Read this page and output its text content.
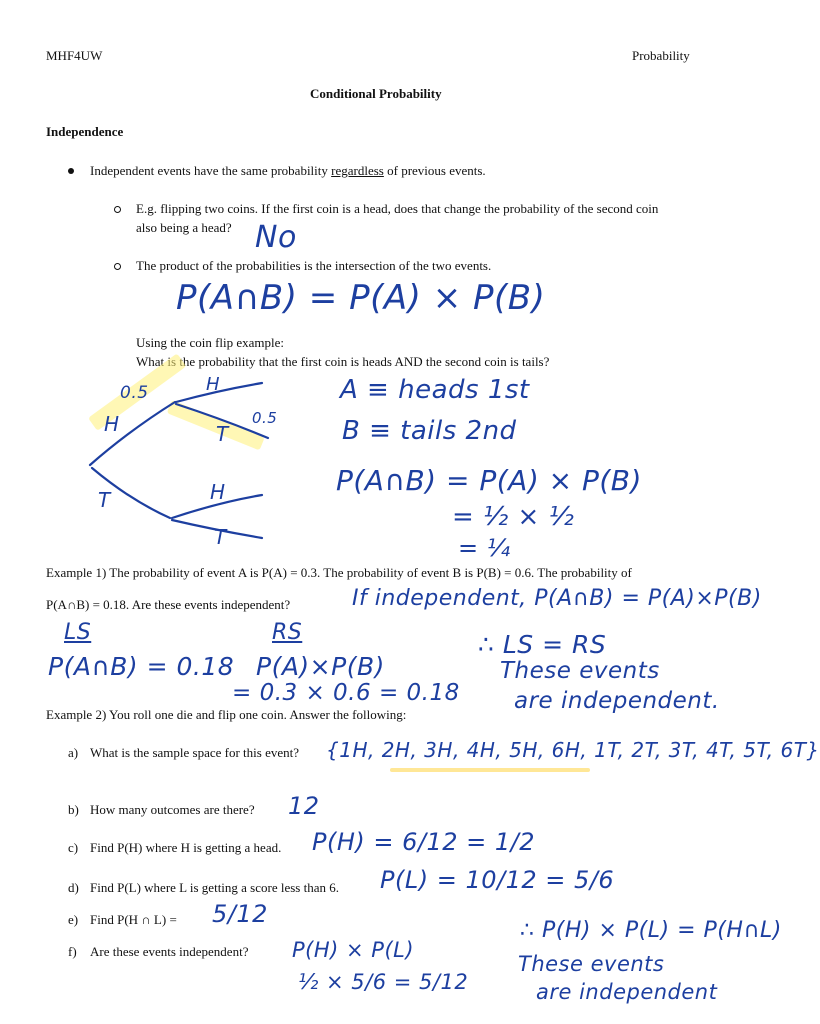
MHF4UW	Probability
Conditional Probability
Independence
Independent events have the same probability regardless of previous events.
E.g. flipping two coins. If the first coin is a head, does that change the probability of the second coin
also being a head? No
The product of the probabilities is the intersection of the two events.
P(A∩B) = P(A) × P(B)
Using the coin flip example:
What is the probability that the first coin is heads AND the second coin is tails?
0.5
0.5
H
T
H
T
H
T
A ≡ heads 1st
B ≡ tails 2nd
P(A∩B) = P(A) × P(B)
= ½ × ½
= ¼
Example 1) The probability of event A is P(A) = 0.3. The probability of event B is P(B) = 0.6. The probability of
P(A∩B) = 0.18. Are these events independent?	If independent, P(A∩B) = P(A)×P(B)
LS	RS
P(A∩B) = 0.18 P(A)×P(B)
= 0.3 × 0.6 = 0.18
∴ LS = RS
These events
are independent.
Example 2) You roll one die and flip one coin. Answer the following:
a) What is the sample space for this event? {1H, 2H, 3H, 4H, 5H, 6H, 1T, 2T, 3T, 4T, 5T, 6T}
b) How many outcomes are there? 12
c) Find P(H) where H is getting a head. P(H) = 6/12 = 1/2
d) Find P(L) where L is getting a score less than 6. P(L) = 10/12 = 5/6
e) Find P(H ∩ L) = 5/12
f) Are these events independent? P(H) × P(L)
½ × 5/6 = 5/12
∴ P(H) × P(L) = P(H∩L)
These events
are independent
